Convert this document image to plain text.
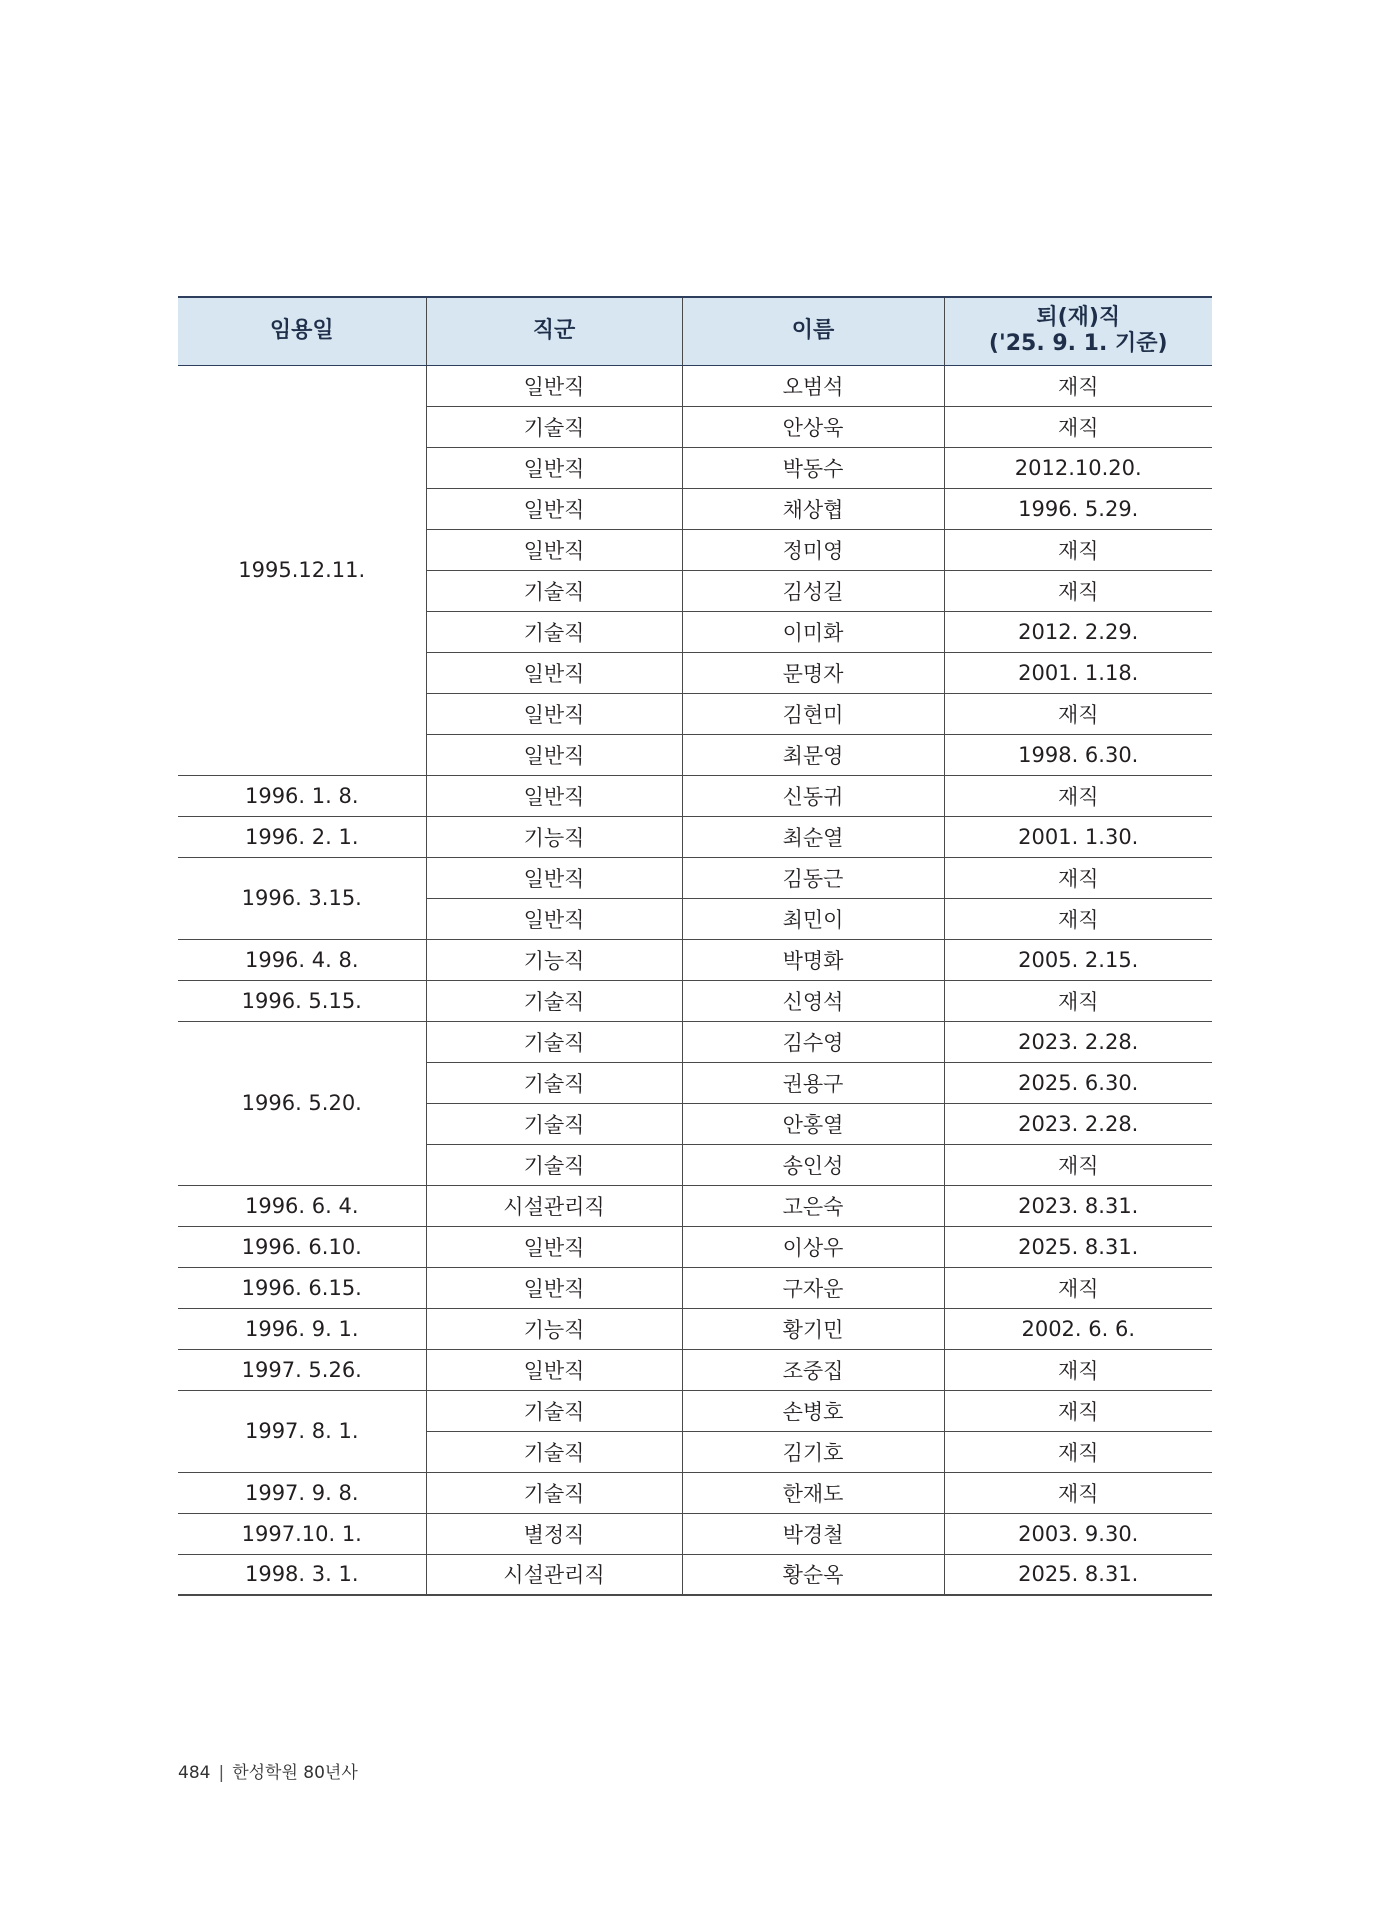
임용일	직군	이름	퇴(재)직
('25. 9. 1. 기준)

1995.12.11.	일반직	오범석	재직
	기술직	안상욱	재직
	일반직	박동수	2012.10.20.
	일반직	채상협	1996. 5.29.
	일반직	정미영	재직
	기술직	김성길	재직
	기술직	이미화	2012. 2.29.
	일반직	문명자	2001. 1.18.
	일반직	김현미	재직
	일반직	최문영	1998. 6.30.
1996. 1. 8.	일반직	신동귀	재직
1996. 2. 1.	기능직	최순열	2001. 1.30.
1996. 3.15.	일반직	김동근	재직
	일반직	최민이	재직
1996. 4. 8.	기능직	박명화	2005. 2.15.
1996. 5.15.	기술직	신영석	재직
1996. 5.20.	기술직	김수영	2023. 2.28.
	기술직	권용구	2025. 6.30.
	기술직	안홍열	2023. 2.28.
	기술직	송인성	재직
1996. 6. 4.	시설관리직	고은숙	2023. 8.31.
1996. 6.10.	일반직	이상우	2025. 8.31.
1996. 6.15.	일반직	구자운	재직
1996. 9. 1.	기능직	황기민	2002. 6. 6.
1997. 5.26.	일반직	조중집	재직
1997. 8. 1.	기술직	손병호	재직
	기술직	김기호	재직
1997. 9. 8.	기술직	한재도	재직
1997.10. 1.	별정직	박경철	2003. 9.30.
1998. 3. 1.	시설관리직	황순옥	2025. 8.31.
484 | 한성학원 80년사
